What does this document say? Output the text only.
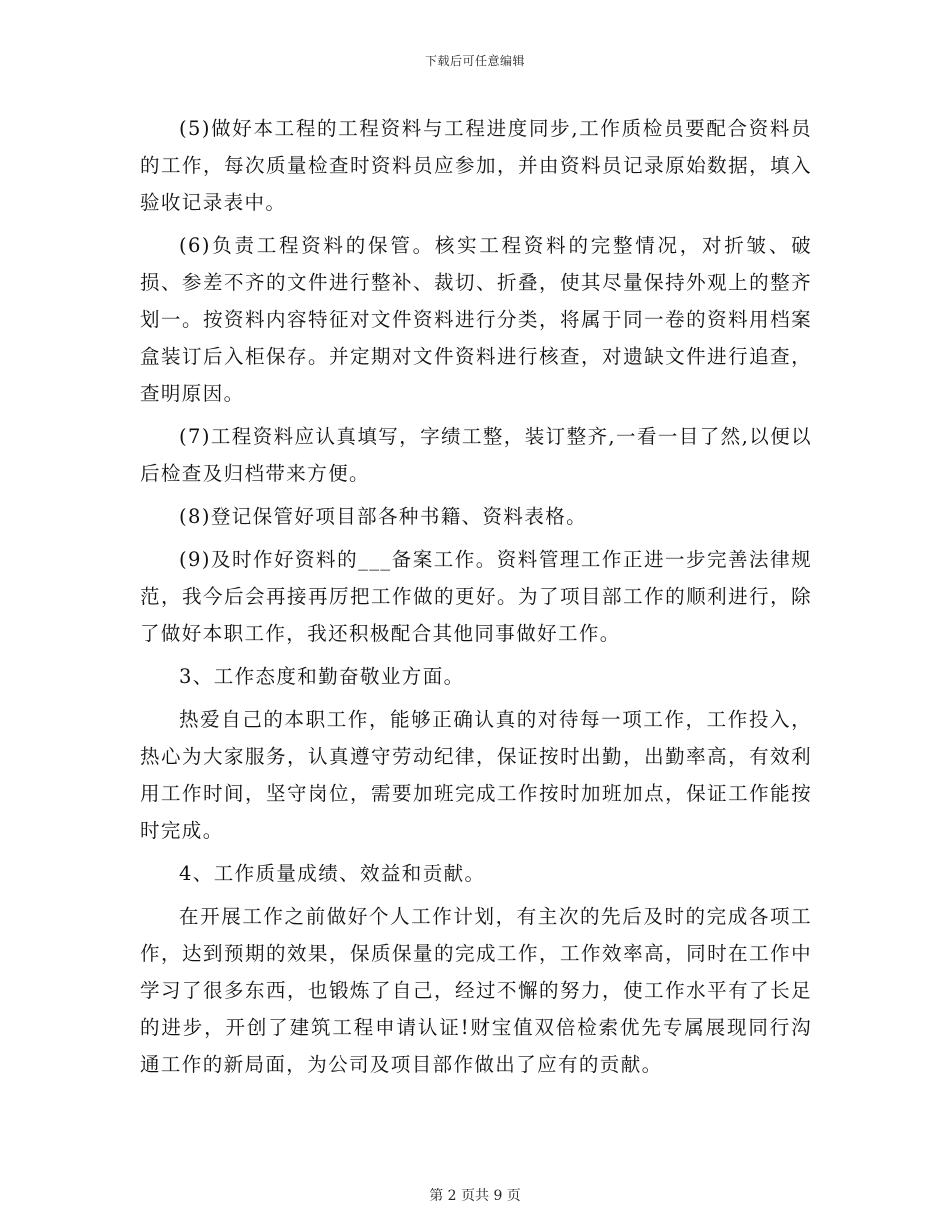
下载后可任意编辑

(5)做好本工程的工程资料与工程进度同步,工作质检员要配合资料员的工作，每次质量检查时资料员应参加，并由资料员记录原始数据，填入验收记录表中。

(6)负责工程资料的保管。核实工程资料的完整情况，对折皱、破损、参差不齐的文件进行整补、裁切、折叠，使其尽量保持外观上的整齐划一。按资料内容特征对文件资料进行分类，将属于同一卷的资料用档案盒装订后入柜保存。并定期对文件资料进行核查，对遗缺文件进行追查，查明原因。

(7)工程资料应认真填写，字绩工整，装订整齐,一看一目了然,以便以后检查及归档带来方便。

(8)登记保管好项目部各种书籍、资料表格。

(9)及时作好资料的___备案工作。资料管理工作正进一步完善法律规范，我今后会再接再厉把工作做的更好。为了项目部工作的顺利进行，除了做好本职工作，我还积极配合其他同事做好工作。

3、工作态度和勤奋敬业方面。

热爱自己的本职工作，能够正确认真的对待每一项工作，工作投入，热心为大家服务，认真遵守劳动纪律，保证按时出勤，出勤率高，有效利用工作时间，坚守岗位，需要加班完成工作按时加班加点，保证工作能按时完成。

4、工作质量成绩、效益和贡献。

在开展工作之前做好个人工作计划，有主次的先后及时的完成各项工作，达到预期的效果，保质保量的完成工作，工作效率高，同时在工作中学习了很多东西，也锻炼了自己，经过不懈的努力，使工作水平有了长足的进步，开创了建筑工程申请认证!财宝值双倍检索优先专属展现同行沟通工作的新局面，为公司及项目部作做出了应有的贡献。

第 2 页共 9 页
